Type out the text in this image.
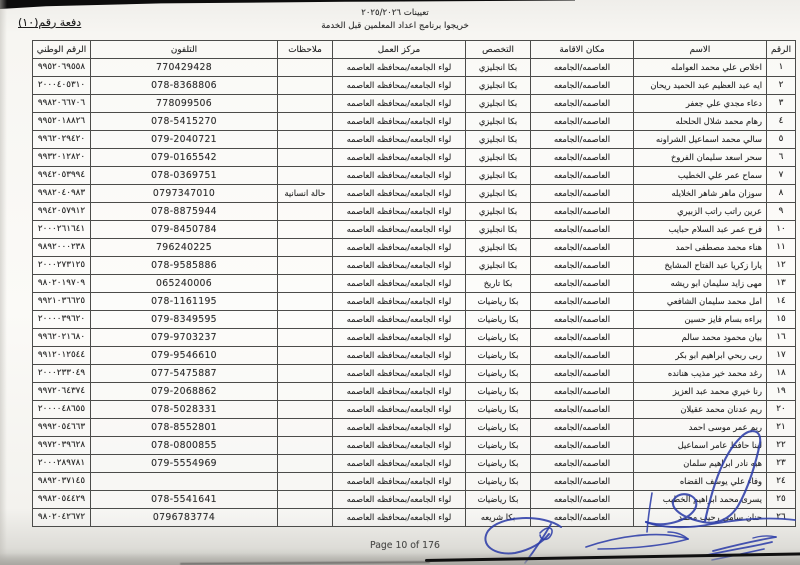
دفعة رقم(١٠)
تعيينات ٢٠٢٥/٢٠٢٦
خريجوا برنامج اعداد المعلمين قبل الخدمة
الرقم	الاسم	مكان الاقامة	التخصص	مركز العمل	ملاحظات	التلفون	الرقم الوطني
١	اخلاص علي محمد العوامله	العاصمه/الجامعه	بكا انجليزي	لواء الجامعه/بمحافظه العاصمه		770429428	٩٩٥٢٠٦٩٥٥٨
٢	ايه عبد العظيم عبد الحميد ريحان	العاصمه/الجامعه	بكا انجليزي	لواء الجامعه/بمحافظه العاصمه		078-8368806	٢٠٠٠٤٠٥٣١٠
٣	دعاء مجدي علي جعفر	العاصمه/الجامعه	بكا انجليزي	لواء الجامعه/بمحافظه العاصمه		778099506	٩٩٨٢٠٦٦٧٠٦
٤	رهام محمد شلال الحلحله	العاصمه/الجامعه	بكا انجليزي	لواء الجامعه/بمحافظه العاصمه		078-5415270	٩٩٥٢٠١٨٨٢٦
٥	سالي محمد اسماعيل الشراونه	العاصمه/الجامعه	بكا انجليزي	لواء الجامعه/بمحافظه العاصمه		079-2040721	٩٩٦٢٠٢٩٤٢٠
٦	سحر اسعد سليمان الفروخ	العاصمه/الجامعه	بكا انجليزي	لواء الجامعه/بمحافظه العاصمه		079-0165542	٩٩٣٢٠١٢٨٢٠
٧	سماح عمر علي الخطيب	العاصمه/الجامعه	بكا انجليزي	لواء الجامعه/بمحافظه العاصمه		078-0369751	٩٩٤٢٠٥٣٩٩٤
٨	سوزان ماهر شاهر الخلايله	العاصمه/الجامعه	بكا انجليزي	لواء الجامعه/بمحافظه العاصمه	حالة انسانية	0797347010	٩٩٨٢٠٤٠٩٨٣
٩	عرين راتب راتب الزبيري	العاصمه/الجامعه	بكا انجليزي	لواء الجامعه/بمحافظه العاصمه		078-8875944	٩٩٤٢٠٥٧٩١٢
١٠	فرح عمر عبد السلام حبايب	العاصمه/الجامعه	بكا انجليزي	لواء الجامعه/بمحافظه العاصمه		079-8450784	٢٠٠٠٢٦١٦٤١
١١	هناء محمد مصطفى احمد	العاصمه/الجامعه	بكا انجليزي	لواء الجامعه/بمحافظه العاصمه		796240225	٩٨٩٢٠٠٠٢٣٨
١٢	يارا زكريا عبد الفتاح المشايخ	العاصمه/الجامعه	بكا انجليزي	لواء الجامعه/بمحافظه العاصمه		078-9585886	٢٠٠٠٢٧٣١٢٥
١٣	مهى زايد سليمان ابو ريشه	العاصمه/الجامعه	بكا تاريخ	لواء الجامعه/بمحافظه العاصمه		065240006	٩٨٠٢٠١٩٧٠٩
١٤	امل محمد سليمان الشافعي	العاصمه/الجامعه	بكا رياضيات	لواء الجامعه/بمحافظه العاصمه		078-1161195	٩٩٢١٠٣٦٦٢٥
١٥	براءه بسام فايز حسين	العاصمه/الجامعه	بكا رياضيات	لواء الجامعه/بمحافظه العاصمه		079-8349595	٢٠٠٠٠٣٩٦٢٠
١٦	بيان محمود محمد سالم	العاصمه/الجامعه	بكا رياضيات	لواء الجامعه/بمحافظه العاصمه		079-9703237	٩٩٦٢٠٢١٦٨٠
١٧	ربى ربحي ابراهيم ابو بكر	العاصمه/الجامعه	بكا رياضيات	لواء الجامعه/بمحافظه العاصمه		079-9546610	٩٩١٢٠١٢٥٤٤
١٨	رغد محمد خير مذيب هنانده	العاصمه/الجامعه	بكا رياضيات	لواء الجامعه/بمحافظه العاصمه		077-5475887	٢٠٠٠٢٣٣٠٤٩
١٩	رنا خيري محمد عبد العزيز	العاصمه/الجامعه	بكا رياضيات	لواء الجامعه/بمحافظه العاصمه		079-2068862	٩٩٧٢٠٦٤٣٧٤
٢٠	ريم عدنان محمد عقيلان	العاصمه/الجامعه	بكا رياضيات	لواء الجامعه/بمحافظه العاصمه		078-5028331	٢٠٠٠٠٤٨٦٥٥
٢١	ريم عمر موسى احمد	العاصمه/الجامعه	بكا رياضيات	لواء الجامعه/بمحافظه العاصمه		078-8552801	٩٩٩٢٠٥٤٦٦٣
٢٢	لينا حافظ عامر اسماعيل	العاصمه/الجامعه	بكا رياضيات	لواء الجامعه/بمحافظه العاصمه		078-0800855	٩٩٧٢٠٣٩٦٢٨
٢٣	هبه نادر ابراهيم سلمان	العاصمه/الجامعه	بكا رياضيات	لواء الجامعه/بمحافظه العاصمه		079-5554969	٢٠٠٠٢٨٩٧٨١
٢٤	وفاء علي يوسف القضاه	العاصمه/الجامعه	بكا رياضيات	لواء الجامعه/بمحافظه العاصمه			٩٨٩٢٠٣٧١٤٥
٢٥	يسرى محمد ابراهيم الخطيب	العاصمه/الجامعه	بكا رياضيات	لواء الجامعه/بمحافظه العاصمه		078-5541641	٩٩٨٢٠٥٤٤٢٩
٢٦	حنان سامي رحيب محمد	العاصمه/الجامعه	بكا شريعه	لواء الجامعه/بمحافظه العاصمه		0796783774	٩٨٠٢٠٤٢٦٧٢
Page 10 of 176
